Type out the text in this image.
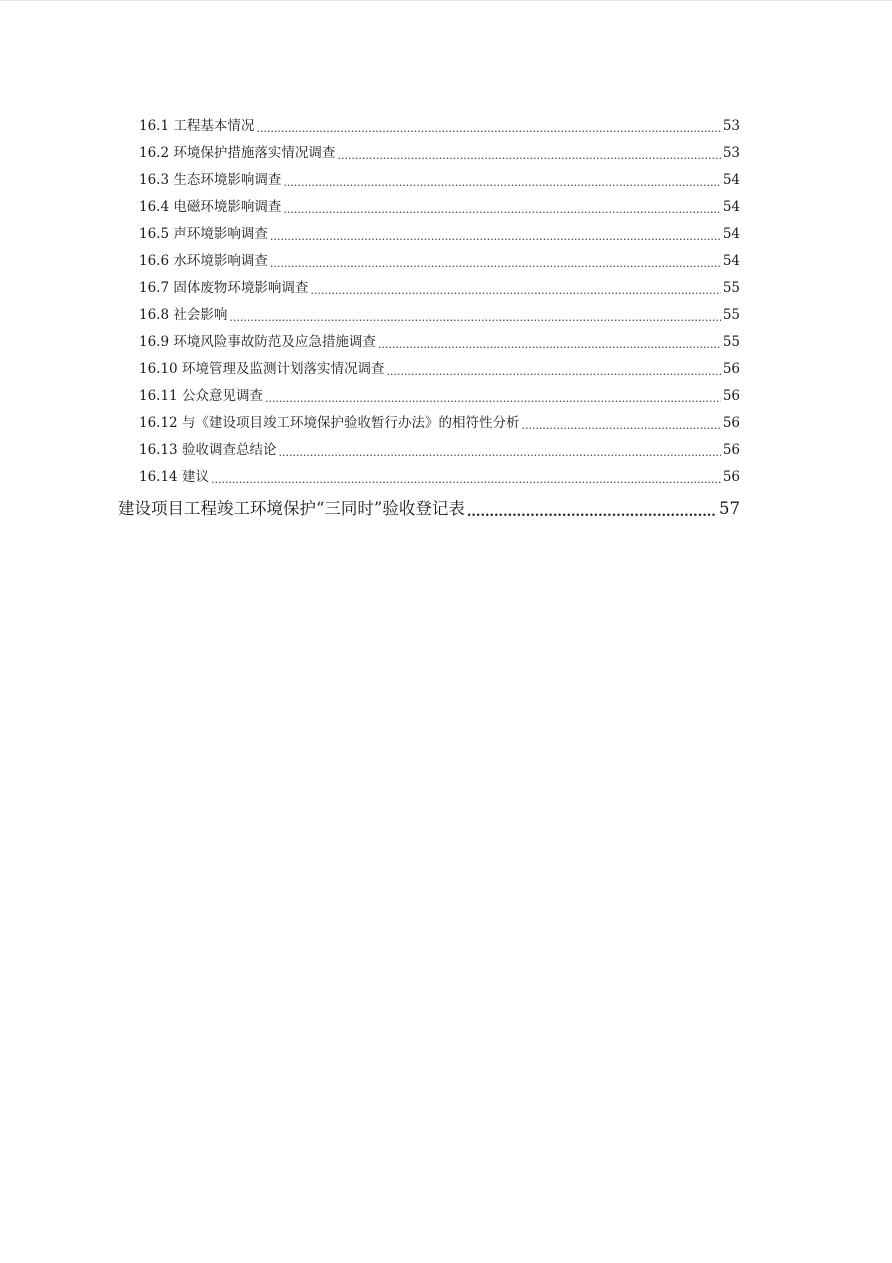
16.1 工程基本情况 .....	53
16.2 环境保护措施落实情况调查 .....	53
16.3 生态环境影响调查 .....	54
16.4 电磁环境影响调查 .....	54
16.5 声环境影响调查 .....	54
16.6 水环境影响调查 .....	54
16.7 固体废物环境影响调查 .....	55
16.8 社会影响 .....	55
16.9 环境风险事故防范及应急措施调查 .....	55
16.10 环境管理及监测计划落实情况调查 .....	56
16.11 公众意见调查 .....	56
16.12 与《建设项目竣工环境保护验收暂行办法》的相符性分析 .....	56
16.13 验收调查总结论 .....	56
16.14 建议 .....	56
建设项目工程竣工环境保护“三同时”验收登记表 .....	57
